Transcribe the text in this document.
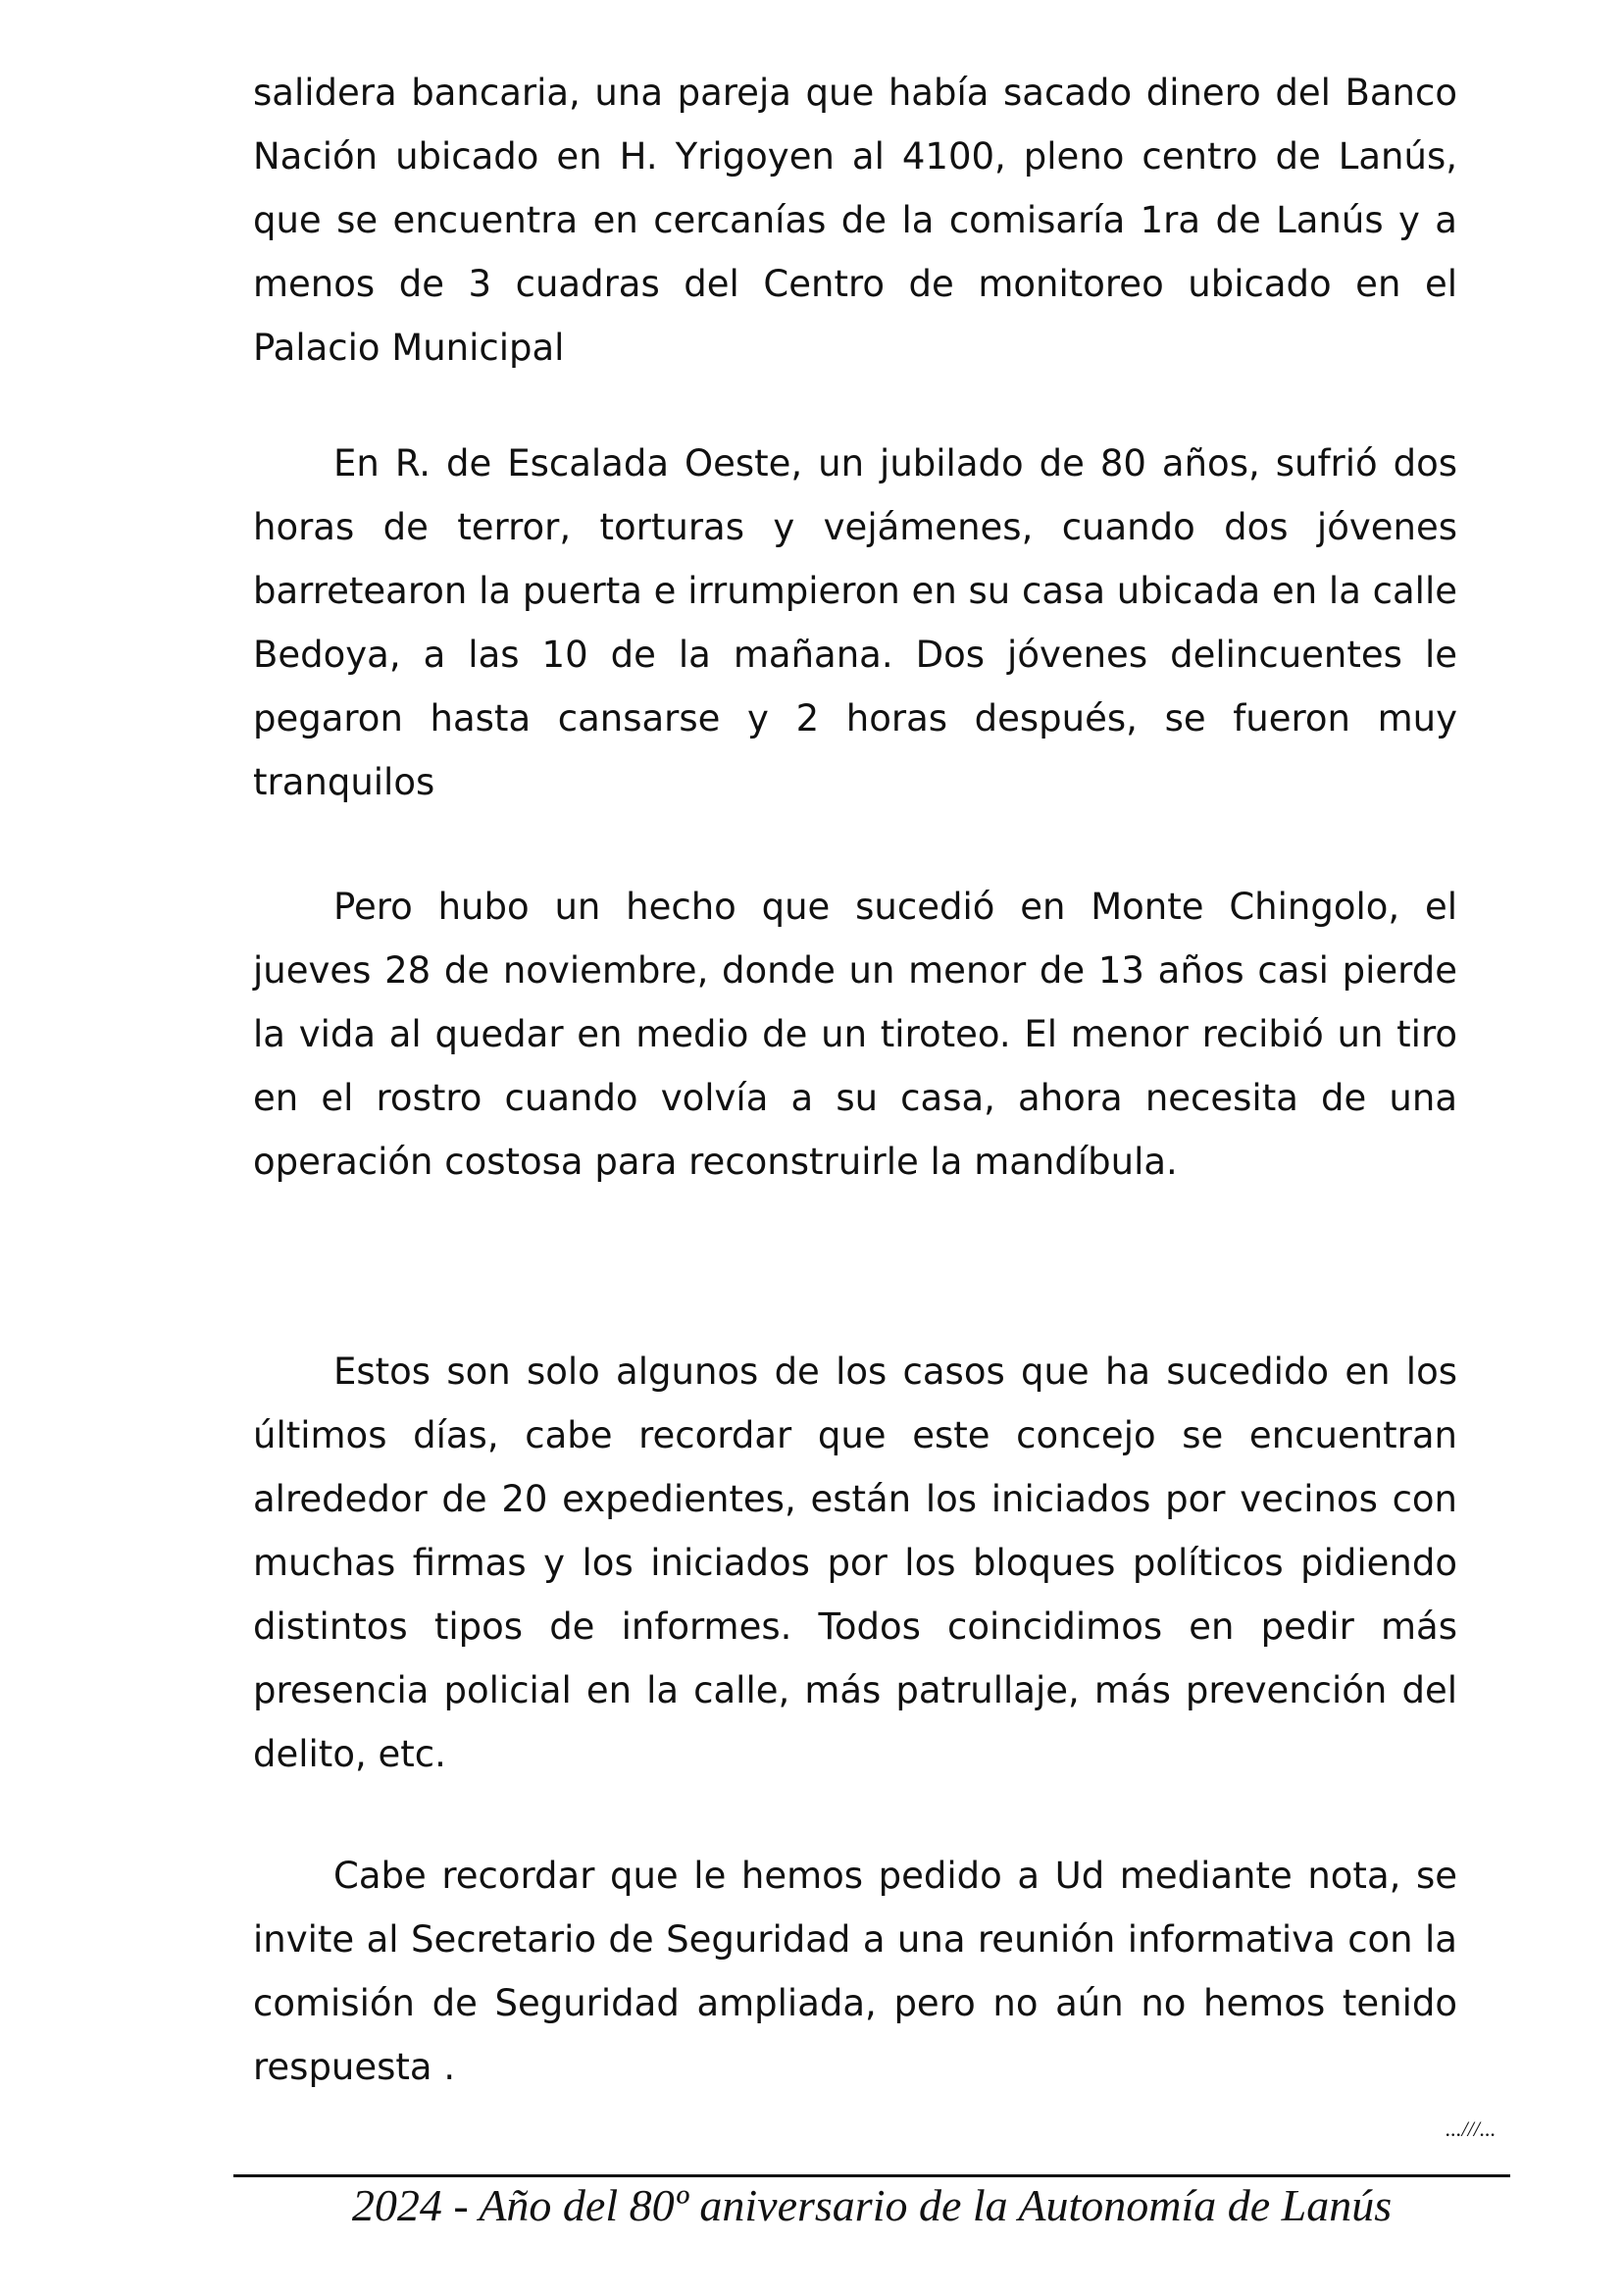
salidera bancaria, una pareja que había sacado dinero del Banco Nación ubicado en H. Yrigoyen al 4100, pleno centro de Lanús, que se encuentra en cercanías de la comisaría 1ra de Lanús y a menos de 3 cuadras del Centro de monitoreo ubicado en el Palacio Municipal

En R. de Escalada Oeste, un jubilado de 80 años, sufrió dos horas de terror, torturas y vejámenes, cuando dos jóvenes barretearon la puerta e irrumpieron en su casa ubicada en la calle Bedoya, a las 10 de la mañana. Dos jóvenes delincuentes le pegaron hasta cansarse y 2 horas después, se fueron muy tranquilos

Pero hubo un hecho que sucedió en Monte Chingolo, el jueves 28 de noviembre, donde un menor de 13 años casi pierde la vida al quedar en medio de un tiroteo. El menor recibió un tiro en el rostro cuando volvía a su casa, ahora necesita de una operación costosa para reconstruirle la mandíbula.

Estos son solo algunos de los casos que ha sucedido en los últimos días, cabe recordar que este concejo se encuentran alrededor de 20 expedientes, están los iniciados por vecinos con muchas firmas y los iniciados por los bloques políticos pidiendo distintos tipos de informes. Todos coincidimos en pedir más presencia policial en la calle, más patrullaje, más prevención del delito, etc.

Cabe recordar que le hemos pedido a Ud mediante nota, se invite al Secretario de Seguridad a una reunión informativa con la comisión de Seguridad ampliada, pero no aún no hemos tenido respuesta .

...///...
2024 - Año del 80º aniversario de la Autonomía de Lanús
